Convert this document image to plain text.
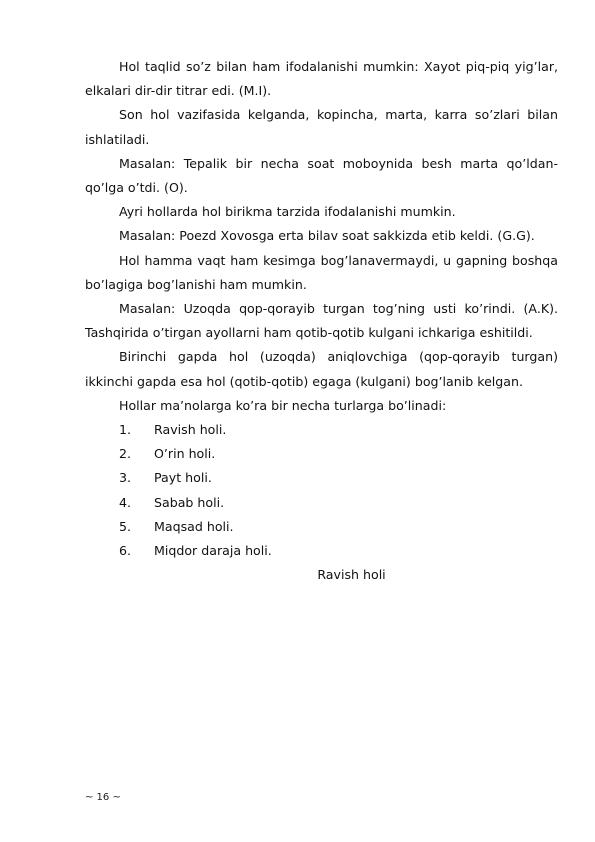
Hol taqlid so’z bilan ham ifodalanishi mumkin: Xayot piq-piq yig’lar, elkalari dir-dir titrar edi. (M.I).

Son hol vazifasida kelganda, kopincha, marta, karra so’zlari bilan ishlatiladi.

Masalan: Tepalik bir necha soat moboynida besh marta qo’ldan-qo’lga o’tdi. (O).

Ayri hollarda hol birikma tarzida ifodalanishi mumkin.

Masalan: Poezd Xovosga erta bilav soat sakkizda etib keldi. (G.G).

Hol hamma vaqt ham kesimga bog’lanavermaydi, u gapning boshqa bo’lagiga bog’lanishi ham mumkin.

Masalan: Uzoqda qop-qorayib turgan tog’ning usti ko’rindi. (A.K). Tashqirida o’tirgan ayollarni ham qotib-qotib kulgani ichkariga eshitildi.

Birinchi gapda hol (uzoqda) aniqlovchiga (qop-qorayib turgan) ikkinchi gapda esa hol (qotib-qotib) egaga (kulgani) bog’lanib kelgan.

Hollar ma’nolarga ko’ra bir necha turlarga bo’linadi:

1.	Ravish holi.
2.	O’rin holi.
3.	Payt holi.
4.	Sabab holi.
5.	Maqsad holi.
6.	Miqdor daraja holi.

Ravish holi

~ 16 ~
